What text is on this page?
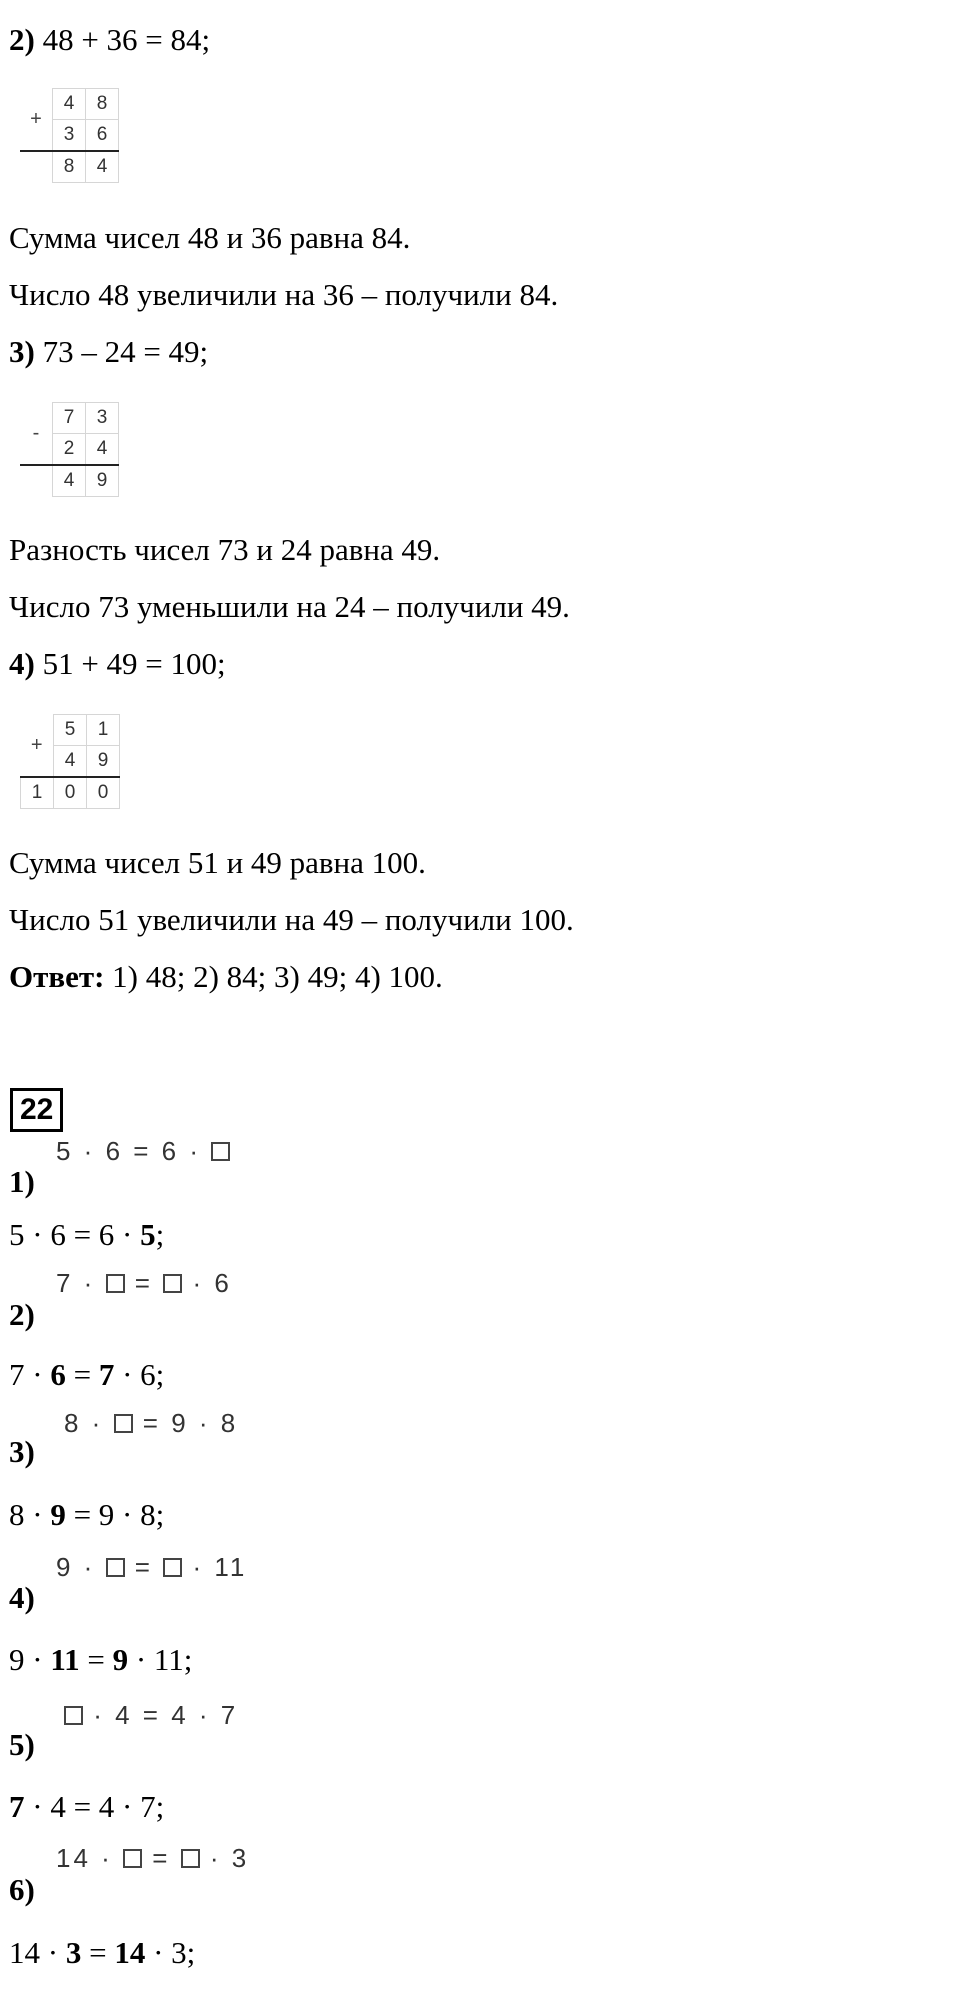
2) 48 + 36 = 84;
+	4	8
	3	6
	8	4
Сумма чисел 48 и 36 равна 84.
Число 48 увеличили на 36 – получили 84.
3) 73 – 24 = 49;
-	7	3
	2	4
	4	9
Разность чисел 73 и 24 равна 49.
Число 73 уменьшили на 24 – получили 49.
4) 51 + 49 = 100;
+	5	1
	4	9
1	0	0
Сумма чисел 51 и 49 равна 100.
Число 51 увеличили на 49 – получили 100.
Ответ: 1) 48; 2) 84; 3) 49; 4) 100.
22
1)
5 · 6 = 6 ·
5 · 6 = 6 · 5;
2)
7 ·  =  · 6
7 · 6 = 7 · 6;
3)
8 ·  = 9 · 8
8 · 9 = 9 · 8;
4)
9 ·  =  · 11
9 · 11 = 9 · 11;
5)
· 4 = 4 · 7
7 · 4 = 4 · 7;
6)
14 ·  =  · 3
14 · 3 = 14 · 3;
